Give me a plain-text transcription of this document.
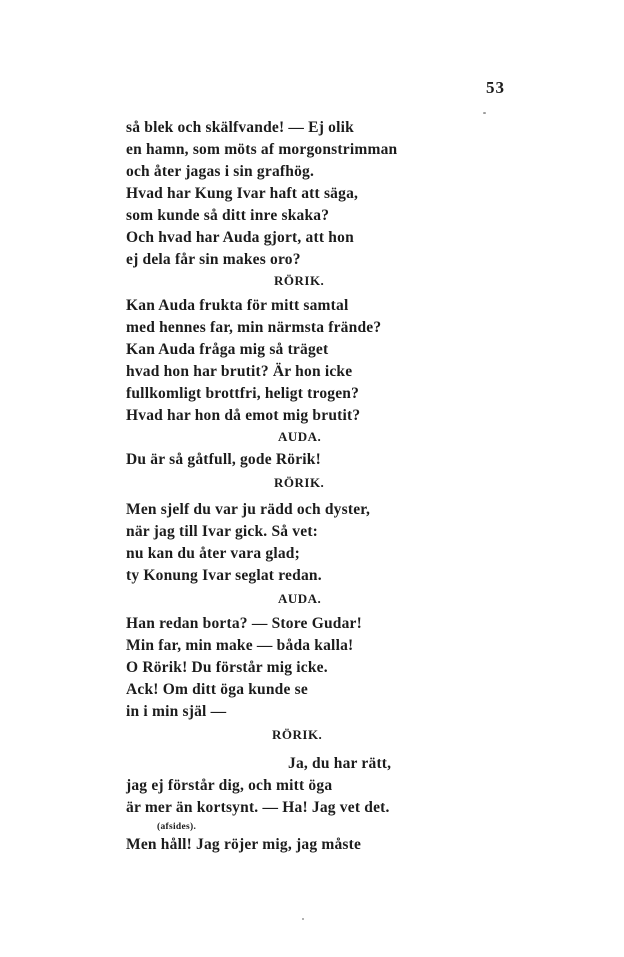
53
så blek och skälfvande! — Ej olik
en hamn, som möts af morgonstrimman
och åter jagas i sin grafhög.
Hvad har Kung Ivar haft att säga,
som kunde så ditt inre skaka?
Och hvad har Auda gjort, att hon
ej dela får sin makes oro?
RÖRIK.
Kan Auda frukta för mitt samtal
med hennes far, min närmsta frände?
Kan Auda fråga mig så träget
hvad hon har brutit? Är hon icke
fullkomligt brottfri, heligt trogen?
Hvad har hon då emot mig brutit?
AUDA.
Du är så gåtfull, gode Rörik!
RÖRIK.
Men sjelf du var ju rädd och dyster,
när jag till Ivar gick. Så vet:
nu kan du åter vara glad;
ty Konung Ivar seglat redan.
AUDA.
Han redan borta? — Store Gudar!
Min far, min make — båda kalla!
O Rörik! Du förstår mig icke.
Ack! Om ditt öga kunde se
in i min själ —
RÖRIK.
Ja, du har rätt,
jag ej förstår dig, och mitt öga
är mer än kortsynt. — Ha! Jag vet det.
(afsides).
Men håll! Jag röjer mig, jag måste
